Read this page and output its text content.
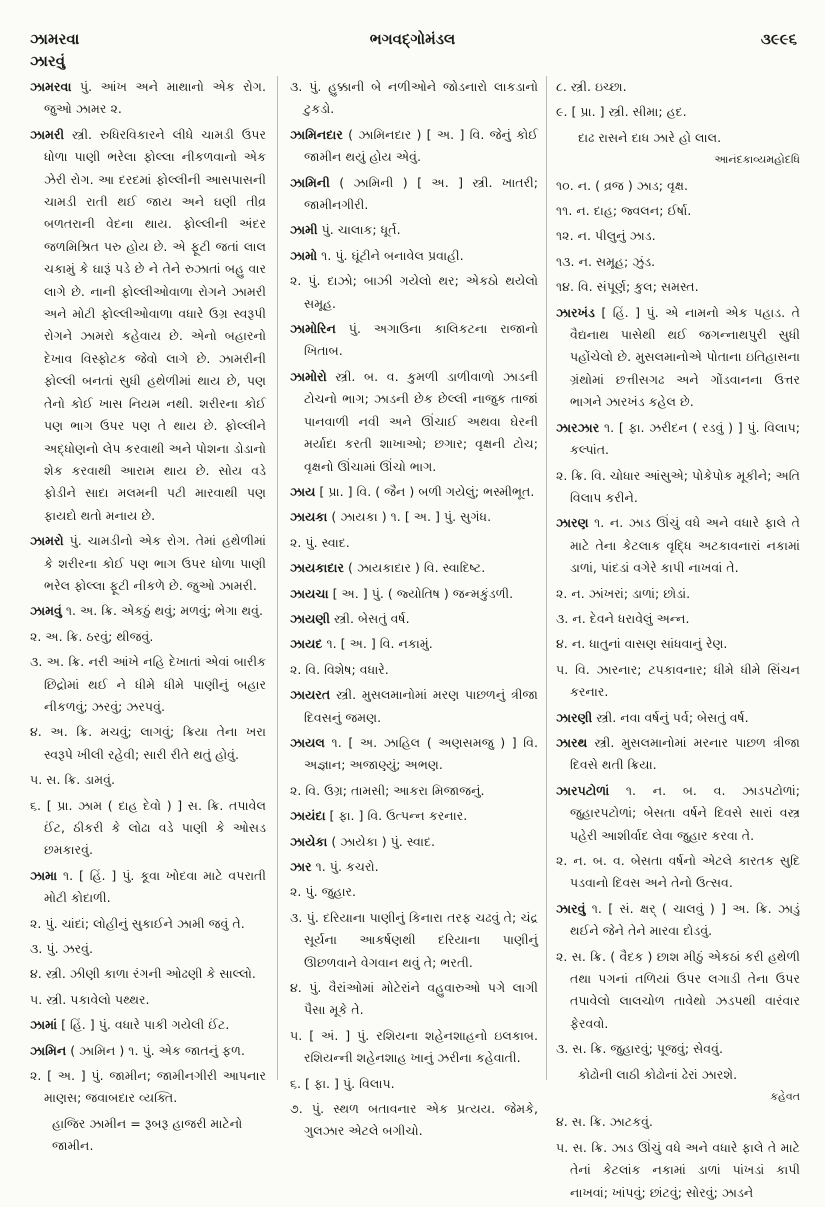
ઝામરવા
ઝારવું
ભગવદ્ગોમંડલ	૩૯૯૬

ઝામરવા પું. આંખ અને માથાનો એક રોગ. જુઓ ઝામર ૨.

ઝામરી સ્ત્રી. રુધિરવિકારને લીધે ચામડી ઉપર ધોળા પાણી ભરેલા ફોલ્લા નીકળવાનો એક ઝેરી રોગ. આ દરદમાં ફોલ્લીની આસપાસની ચામડી રાતી થઈ જાય અને ઘણી તીવ્ર બળતરાની વેદના થાય. ફોલ્લીની અંદર જળમિશ્રિત પરુ હોય છે. એ ફૂટી જતાં લાલ ચકામું કે ઘારૂં પડે છે ને તેને રુઝાતાં બહુ વાર લાગે છે. નાની ફોલ્લીઓવાળા રોગને ઝામરી અને મોટી ફોલ્લીઓવાળા વધારે ઉગ્ર સ્વરૂપી રોગને ઝામરો કહેવાય છે. એનો બહારનો દેખાવ વિસ્ફોટક જેવો લાગે છે. ઝામરીની ફોલ્લી બનતાં સુધી હથેળીમાં થાય છે, પણ તેનો કોઈ ખાસ નિયમ નથી. શરીરના કોઈ પણ ભાગ ઉપર પણ તે થાય છે. ફોલ્લીને અદ્ધોણનો લેપ કરવાથી અને પોશના ડોડાનો શેક કરવાથી આરામ થાય છે. સોય વડે ફોડીને સાદા મલમની પટી મારવાથી પણ ફાયદો થતો મનાય છે.

ઝામરો પું. ચામડીનો એક રોગ. તેમાં હથેળીમાં કે શરીરના કોઈ પણ ભાગ ઉપર ધોળા પાણી ભરેલ ફોલ્લા ફૂટી નીકળે છે. જુઓ ઝામરી.

ઝામવું ૧. અ. ક્રિ. એકઠું થવું; મળવું; ભેગા થવું.

૨. અ. ક્રિ. ઠરવું; થીજવું.

૩. અ. ક્રિ. નરી આંખે નહિ દેખાતાં એવાં બારીક છિદ્રોમાં થઈ ને ધીમે ધીમે પાણીનું બહાર નીકળવું; ઝરવું; ઝરપવું.

૪. અ. ક્રિ. મચવું; લાગવું; ક્રિયા તેના ખરા સ્વરૂપે ખીલી રહેવી; સારી રીતે થતું હોવું.

૫. સ. ક્રિ. ડામવું.

૬. [ પ્રા. ઝામ ( દાહ દેવો ) ] સ. ક્રિ. તપાવેલ ઈંટ, ઠીકરી કે લોઢા વડે પાણી કે ઓસડ છમકારવું.

ઝામા ૧. [ હિં. ] પું. કૂવા ખોદવા માટે વપરાતી મોટી કોદાળી.

૨. પું. ચાંદાં; લોહીનું સુકાઈને ઝામી જવું તે.

૩. પું. ઝરવું.

૪. સ્ત્રી. ઝીણી કાળા રંગની ઓઢણી કે સાલ્લો.

૫. સ્ત્રી. પકાવેલો પથ્થર.

ઝામાં [ હિં. ] પું. વધારે પાકી ગયેલી ઈંટ.

ઝામિન ( ઝામિન ) ૧. પું. એક જાતનું ફળ.

૨. [ અ. ] પું. જામીન; જામીનગીરી આપનાર માણસ; જવાબદાર વ્યક્તિ.

હાજિર ઝામીન = રૂબરૂ હાજરી માટેનો જામીન.

૩. પું. હુક્કાની બે નળીઓને જોડનારો લાકડાનો ટુકડો.

ઝામિનદાર ( ઝામિનદાર ) [ અ. ] વિ. જેનું કોઈ જામીન થયું હોય એવું.

ઝામિની ( ઝામિની ) [ અ. ] સ્ત્રી. ખાતરી; જામીનગીરી.

ઝામી પું. ચાલાક; ધૂર્ત.

ઝામો ૧. પું. ઘૂંટીને બનાવેલ પ્રવાહી.

૨. પું. દાઝો; બાઝી ગયેલો થર; એકઠો થયેલો સમૂહ.

ઝામોરિન પું. અગાઉના કાલિકટના રાજાનો ખિતાબ.

ઝામોરો સ્ત્રી. બ. વ. કુમળી ડાળીવાળો ઝાડની ટોચનો ભાગ; ઝાડની છેક છેલ્લી નાજુક તાજાં પાનવાળી નવી અને ઊંચાઈ અથવા ઘેરની મર્યાદા કરતી શાખાઓ; છગાર; વૃક્ષની ટોચ; વૃક્ષનો ઊંચામાં ઊંચો ભાગ.

ઝાય [ પ્રા. ] વિ. ( જૈન ) બળી ગયેલું; ભસ્મીભૂત.

ઝાયકા ( ઝાયકા ) ૧. [ અ. ] પું. સુગંધ.

૨. પું. સ્વાદ.

ઝાયકાદાર ( ઝાયકાદાર ) વિ. સ્વાદિષ્ટ.

ઝાયચા [ અ. ] પું. ( જ્યોતિષ ) જન્મકુંડળી.

ઝાયણી સ્ત્રી. બેસતું વર્ષ.

ઝાયદ ૧. [ અ. ] વિ. નકામું.

૨. વિ. વિશેષ; વધારે.

ઝાયરત સ્ત્રી. મુસલમાનોમાં મરણ પાછળનું ત્રીજા દિવસનું જમણ.

ઝાયલ ૧. [ અ. ઝાહિલ ( અણસમજુ ) ] વિ. અજ્ઞાન; અજાણ્યું; અભણ.

૨. વિ. ઉગ્ર; તામસી; આકરા મિજાજનું.

ઝાયંદા [ ફા. ] વિ. ઉત્પન્ન કરનાર.

ઝાયેકા ( ઝાયેકા ) પું. સ્વાદ.

ઝાર ૧. પું. કચરો.

૨. પું. જુહાર.

૩. પું. દરિયાના પાણીનું કિનારા તરફ ચઢવું તે; ચંદ્ર સૂર્યના આકર્ષણથી દરિયાના પાણીનું ઊછળવાને વેગવાન થવું તે; ભરતી.

૪. પું. વૈરાંઓમાં મોટેરાંને વહુવારુઓ પગે લાગી પૈસા મૂકે તે.

૫. [ અં. ] પું. રશિયના શહેનશાહનો ઇલકાબ. રશિયન્ની શહેનશાહ ખાનું ઝરીના કહેવાતી.

૬. [ ફા. ] પું. વિલાપ.

૭. પું. સ્થળ બતાવનાર એક પ્રત્યય. જેમકે, ગુલઝાર એટલે બગીચો.

૮. સ્ત્રી. ઇચ્છા.

૯. [ પ્રા. ] સ્ત્રી. સીમા; હદ.

દાઢ રાસને દાધ ઝારે હો લાલ.
આનંદકાવ્યમહોદધિ

૧૦. ન. ( વ્રજ ) ઝાડ; વૃક્ષ.

૧૧. ન. દાહ; જ્વલન; ઈર્ષા.

૧૨. ન. પીલુનું ઝાડ.

૧૩. ન. સમૂહ; ઝુંડ.

૧૪. વિ. સંપૂર્ણ; કુલ; સમસ્ત.

ઝારખંડ [ હિં. ] પું. એ નામનો એક પહાડ. તે વૈદ્યનાથ પાસેથી થઈ જગન્નાથપુરી સુધી પહોંચેલો છે. મુસલમાનોએ પોતાના ઇતિહાસના ગ્રંથોમાં છત્તીસગઢ અને ગોંડવાનના ઉત્તર ભાગને ઝારખંડ કહેલ છે.

ઝારઝાર ૧. [ ફા. ઝરીદન ( રડવું ) ] પું. વિલાપ; કલ્પાંત.

૨. ક્રિ. વિ. ચોધાર આંસુએ; પોકેપોક મૂકીને; અતિ વિલાપ કરીને.

ઝારણ ૧. ન. ઝાડ ઊંચું વધે અને વધારે ફાલે તે માટે તેના કેટલાક વૃદ્ધિ અટકાવનારાં નકામાં ડાળાં, પાંદડાં વગેરે કાપી નાખવાં તે.

૨. ન. ઝાંખરાં; ડાળાં; છોડાં.

૩. ન. દેવને ધરાવેલું અન્ન.

૪. ન. ધાતુનાં વાસણ સાંધવાનું રેણ.

૫. વિ. ઝારનાર; ટપકાવનાર; ધીમે ધીમે સિંચન કરનાર.

ઝારણી સ્ત્રી. નવા વર્ષનું પર્વ; બેસતું વર્ષ.

ઝારથ સ્ત્રી. મુસલમાનોમાં મરનાર પાછળ ત્રીજા દિવસે થતી ક્રિયા.

ઝારપટોળાં ૧. ન. બ. વ. ઝાડપટોળાં; જુહારપટોળાં; બેસતા વર્ષને દિવસે સારાં વસ્ત્ર પહેરી આશીર્વાદ લેવા જુહાર કરવા તે.

૨. ન. બ. વ. બેસતા વર્ષનો એટલે કારતક સુદિ પડવાનો દિવસ અને તેનો ઉત્સવ.

ઝારવું ૧. [ સં. ક્ષર્ ( ચાલવું ) ] અ. ક્રિ. ઝાડું થઈને જેને તેને મારવા દોડવું.

૨. સ. ક્રિ. ( વૈદક ) છાશ મીઠું એકઠાં કરી હથેળી તથા પગનાં તળિયાં ઉપર લગાડી તેના ઉપર તપાવેલો લાલચોળ તાવેથો ઝડપથી વારંવાર ફેરવવો.

૩. સ. ક્રિ. જુહારવું; પૂજવું; સેવવું.

કોઢોની લાઠી કોઢોનાં ઢેરાં ઝારશે.
કહેવત

૪. સ. ક્રિ. ઝાટકવું.

૫. સ. ક્રિ. ઝાડ ઊંચું વધે અને વધારે ફાલે તે માટે તેનાં કેટલાંક નકામાં ડાળાં પાંખડાં કાપી નાખવાં; ખાંપવું; છાંટવું; સોરવું; ઝાડને
